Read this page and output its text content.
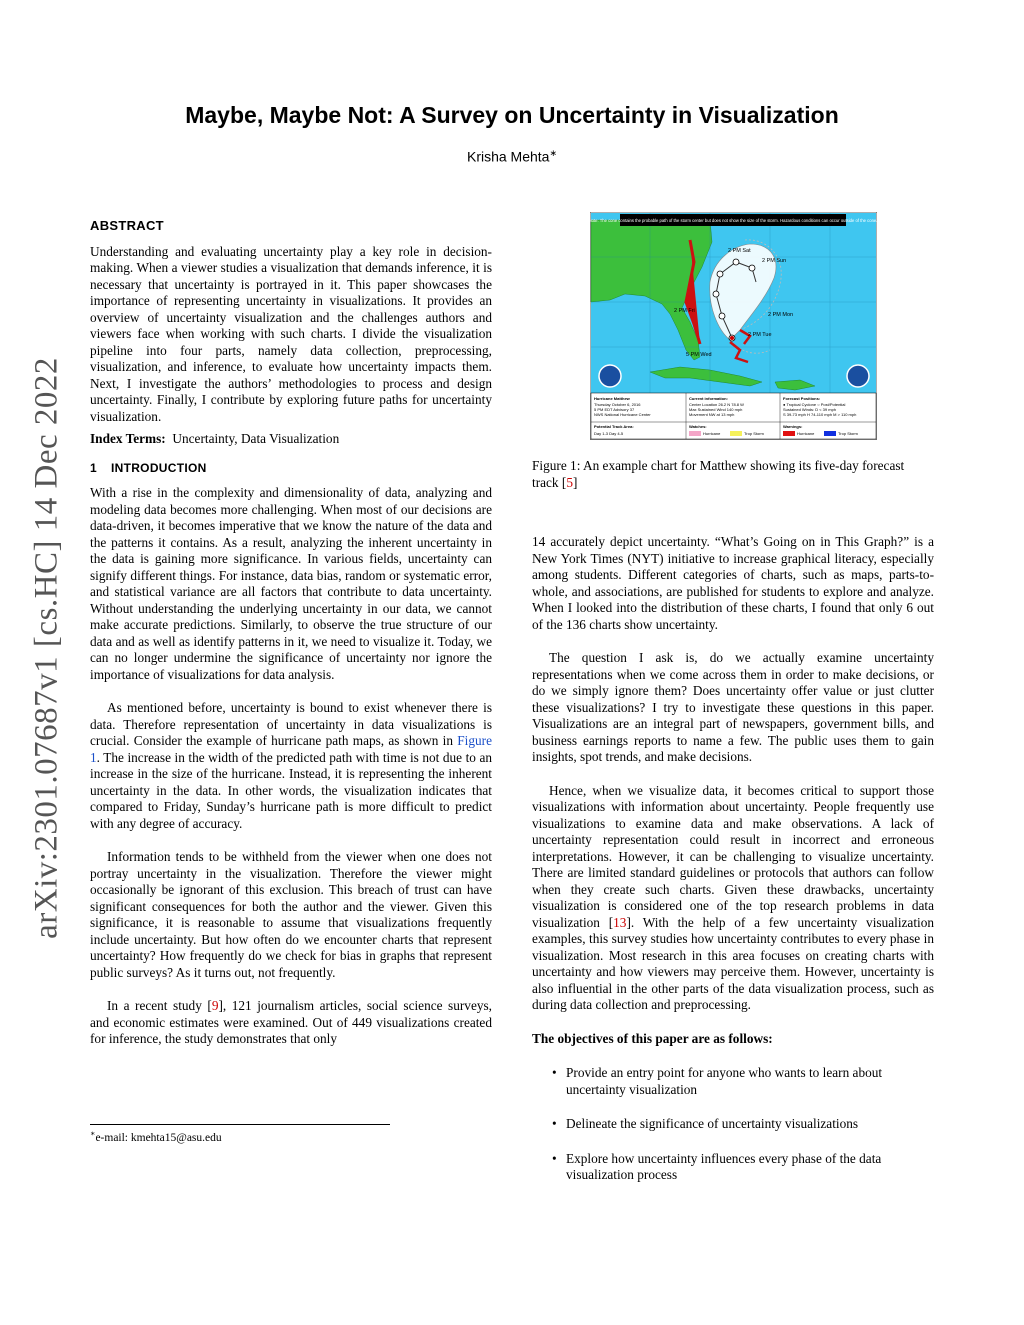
arXiv:2301.07687v1 [cs.HC] 14 Dec 2022
Maybe, Maybe Not: A Survey on Uncertainty in Visualization
Krisha Mehta∗
ABSTRACT

Understanding and evaluating uncertainty play a key role in decision-making. When a viewer studies a visualization that demands inference, it is necessary that uncertainty is portrayed in it. This paper showcases the importance of representing uncertainty in visualizations. It provides an overview of uncertainty visualization and the challenges authors and viewers face when working with such charts. I divide the visualization pipeline into four parts, namely data collection, preprocessing, visualization, and inference, to evaluate how uncertainty impacts them. Next, I investigate the authors’ methodologies to process and design uncertainty. Finally, I contribute by exploring future paths for uncertainty visualization.

Index Terms: Uncertainty, Data Visualization

1 INTRODUCTION

With a rise in the complexity and dimensionality of data, analyzing and modeling data becomes more challenging. When most of our decisions are data-driven, it becomes imperative that we know the nature of the data and the patterns it contains. As a result, analyzing the inherent uncertainty in the data is gaining more significance. In various fields, uncertainty can signify different things. For instance, data bias, random or systematic error, and statistical variance are all factors that contribute to data uncertainty. Without understanding the underlying uncertainty in our data, we cannot make accurate predictions. Similarly, to observe the true structure of our data and as well as identify patterns in it, we need to visualize it. Today, we can no longer undermine the significance of uncertainty nor ignore the importance of visualizations for data analysis.

As mentioned before, uncertainty is bound to exist whenever there is data. Therefore representation of uncertainty in data visualizations is crucial. Consider the example of hurricane path maps, as shown in Figure 1. The increase in the width of the predicted path with time is not due to an increase in the size of the hurricane. Instead, it is representing the inherent uncertainty in the data. In other words, the visualization indicates that compared to Friday, Sunday’s hurricane path is more difficult to predict with any degree of accuracy.

Information tends to be withheld from the viewer when one does not portray uncertainty in the visualization. Therefore the viewer might occasionally be ignorant of this exclusion. This breach of trust can have significant consequences for both the author and the viewer. Given this significance, it is reasonable to assume that visualizations frequently include uncertainty. But how often do we encounter charts that represent uncertainty? How frequently do we check for bias in graphs that represent public surveys? As it turns out, not frequently.

In a recent study [9], 121 journalism articles, social science surveys, and economic estimates were examined. Out of 449 visualizations created for inference, the study demonstrates that only

∗e-mail: kmehta15@asu.edu
Note: The cone contains the probable path of the storm center but does not show the size of the storm. Hazardous conditions can occur outside of the cone.
2 PM Sat
2 PM Sun
2 PM Fri
2 PM Mon
2 PM Tue
5 PM Wed
Hurricane Matthew
Thursday October 6, 2016
5 PM EDT Advisory 37
NWS National Hurricane Center
Current information:
Center Location 26.2 N 78.8 W
Max Sustained Wind 140 mph
Movement NW at 13 mph
Forecast Positions:
● Tropical Cyclone ○ Post/Potential
Sustained Winds: D < 39 mph
S 39-73 mph H 74-110 mph M > 110 mph
Potential Track Area:
Day 1-3 Day 4-5
Watches:	Warnings:
Hurricane	Trop Storm	Hurricane	Trop Storm
Figure 1: An example chart for Matthew showing its five-day forecast track [5]

14 accurately depict uncertainty. “What’s Going on in This Graph?” is a New York Times (NYT) initiative to increase graphical literacy, especially among students. Different categories of charts, such as maps, parts-to-whole, and associations, are published for students to explore and analyze. When I looked into the distribution of these charts, I found that only 6 out of the 136 charts show uncertainty.

The question I ask is, do we actually examine uncertainty representations when we come across them in order to make decisions, or do we simply ignore them? Does uncertainty offer value or just clutter these visualizations? I try to investigate these questions in this paper. Visualizations are an integral part of newspapers, government bills, and business earnings reports to name a few. The public uses them to gain insights, spot trends, and make decisions.

Hence, when we visualize data, it becomes critical to support those visualizations with information about uncertainty. People frequently use visualizations to examine data and make observations. A lack of uncertainty representation could result in incorrect and erroneous interpretations. However, it can be challenging to visualize uncertainty. There are limited standard guidelines or protocols that authors can follow when they create such charts. Given these drawbacks, uncertainty visualization is considered one of the top research problems in data visualization [13]. With the help of a few uncertainty visualization examples, this survey studies how uncertainty contributes to every phase in visualization. Most research in this area focuses on creating charts with uncertainty and how viewers may perceive them. However, uncertainty is also influential in the other parts of the data visualization process, such as during data collection and preprocessing.

The objectives of this paper are as follows:

• Provide an entry point for anyone who wants to learn about uncertainty visualization
• Delineate the significance of uncertainty visualizations
• Explore how uncertainty influences every phase of the data visualization process
